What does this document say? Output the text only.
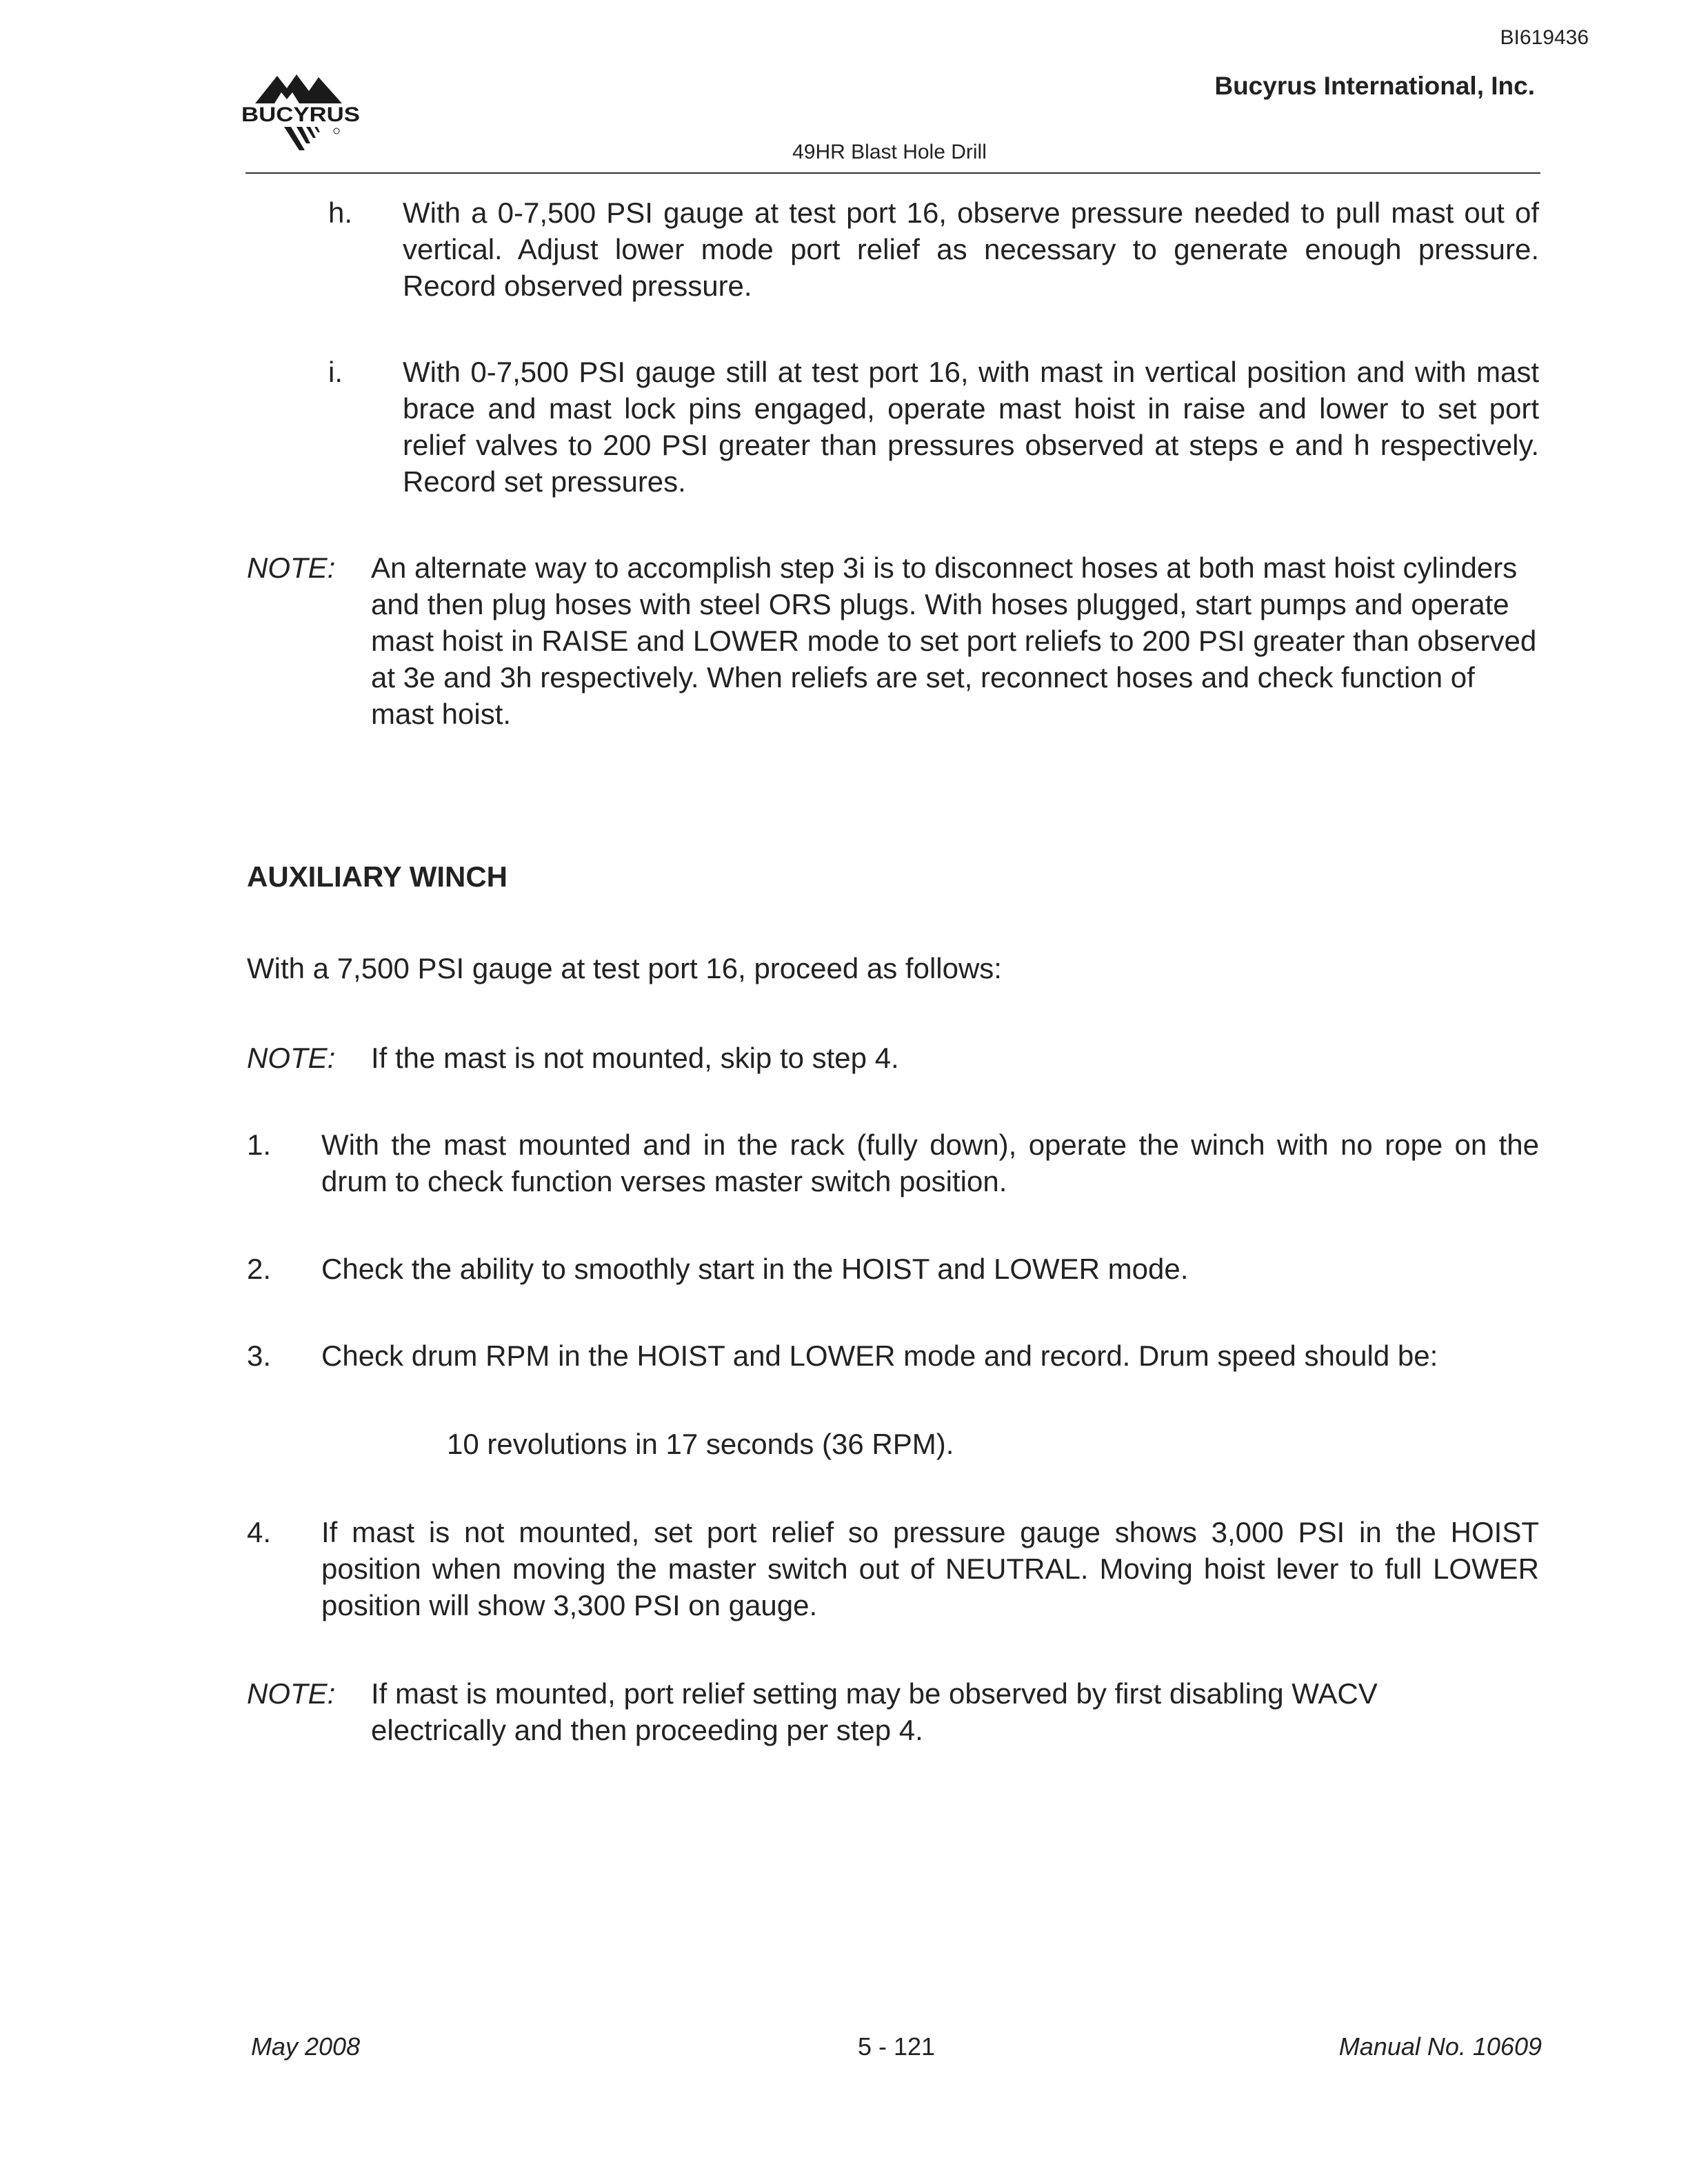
BI619436
BUCYRUS
Bucyrus International, Inc.
49HR Blast Hole Drill
h. With a 0-7,500 PSI gauge at test port 16, observe pressure needed to pull mast out of vertical. Adjust lower mode port relief as necessary to generate enough pressure. Record observed pressure.
i. With 0-7,500 PSI gauge still at test port 16, with mast in vertical position and with mast brace and mast lock pins engaged, operate mast hoist in raise and lower to set port relief valves to 200 PSI greater than pressures observed at steps e and h respectively. Record set pressures.
NOTE: An alternate way to accomplish step 3i is to disconnect hoses at both mast hoist cylinders and then plug hoses with steel ORS plugs. With hoses plugged, start pumps and operate mast hoist in RAISE and LOWER mode to set port reliefs to 200 PSI greater than observed at 3e and 3h respectively. When reliefs are set, reconnect hoses and check function of mast hoist.
AUXILIARY WINCH
With a 7,500 PSI gauge at test port 16, proceed as follows:
NOTE: If the mast is not mounted, skip to step 4.
1. With the mast mounted and in the rack (fully down), operate the winch with no rope on the drum to check function verses master switch position.
2. Check the ability to smoothly start in the HOIST and LOWER mode.
3. Check drum RPM in the HOIST and LOWER mode and record. Drum speed should be:
10 revolutions in 17 seconds (36 RPM).
4. If mast is not mounted, set port relief so pressure gauge shows 3,000 PSI in the HOIST position when moving the master switch out of NEUTRAL. Moving hoist lever to full LOWER position will show 3,300 PSI on gauge.
NOTE: If mast is mounted, port relief setting may be observed by first disabling WACV electrically and then proceeding per step 4.
May 2008	5 - 121	Manual No. 10609
